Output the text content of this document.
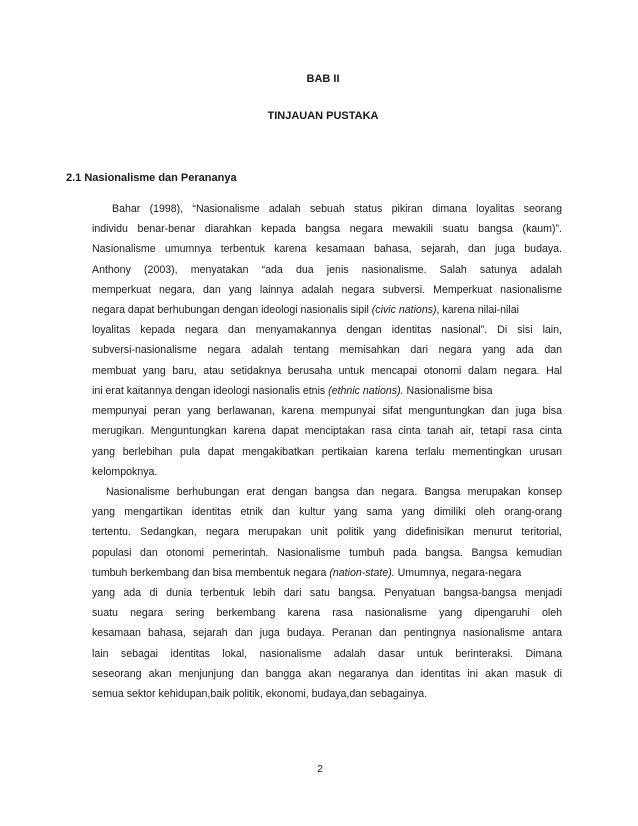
BAB II
TINJAUAN PUSTAKA
2.1 Nasionalisme dan Perananya
Bahar (1998), “Nasionalisme adalah sebuah status pikiran dimana loyalitas seorang
individu benar-benar diarahkan kepada bangsa negara mewakili suatu bangsa (kaum)”.
Nasionalisme umumnya terbentuk karena kesamaan bahasa, sejarah, dan juga budaya.
Anthony (2003), menyatakan “ada dua jenis nasionalisme. Salah satunya adalah
memperkuat negara, dan yang lainnya adalah negara subversi. Memperkuat nasionalisme
negara dapat berhubungan dengan ideologi nasionalis sipil (civic nations), karena nilai-nilai
loyalitas kepada negara dan menyamakannya dengan identitas nasional”. Di sisi lain,
subversi-nasionalisme negara adalah tentang memisahkan dari negara yang ada dan
membuat yang baru, atau setidaknya berusaha untuk mencapai otonomi dalam negara. Hal
ini erat kaitannya dengan ideologi nasionalis etnis (ethnic nations). Nasionalisme bisa
mempunyai peran yang berlawanan, karena mempunyai sifat menguntungkan dan juga bisa
merugikan. Menguntungkan karena dapat menciptakan rasa cinta tanah air, tetapi rasa cinta
yang berlebihan pula dapat mengakibatkan pertikaian karena terlalu mementingkan urusan
kelompoknya.
Nasionalisme berhubungan erat dengan bangsa dan negara. Bangsa merupakan konsep
yang mengartikan identitas etnik dan kultur yang sama yang dimiliki oleh orang-orang
tertentu. Sedangkan, negara merupakan unit politik yang didefinisikan menurut teritorial,
populasi dan otonomi pemerintah. Nasionalisme tumbuh pada bangsa. Bangsa kemudian
tumbuh berkembang dan bisa membentuk negara (nation-state). Umumnya, negara-negara
yang ada di dunia terbentuk lebih dari satu bangsa. Penyatuan bangsa-bangsa menjadi
suatu negara sering berkembang karena rasa nasionalisme yang dipengaruhi oleh
kesamaan bahasa, sejarah dan juga budaya. Peranan dan pentingnya nasionalisme antara
lain sebagai identitas lokal, nasionalisme adalah dasar untuk berinteraksi. Dimana
seseorang akan menjunjung dan bangga akan negaranya dan identitas ini akan masuk di
semua sektor kehidupan,baik politik, ekonomi, budaya,dan sebagainya.
2
